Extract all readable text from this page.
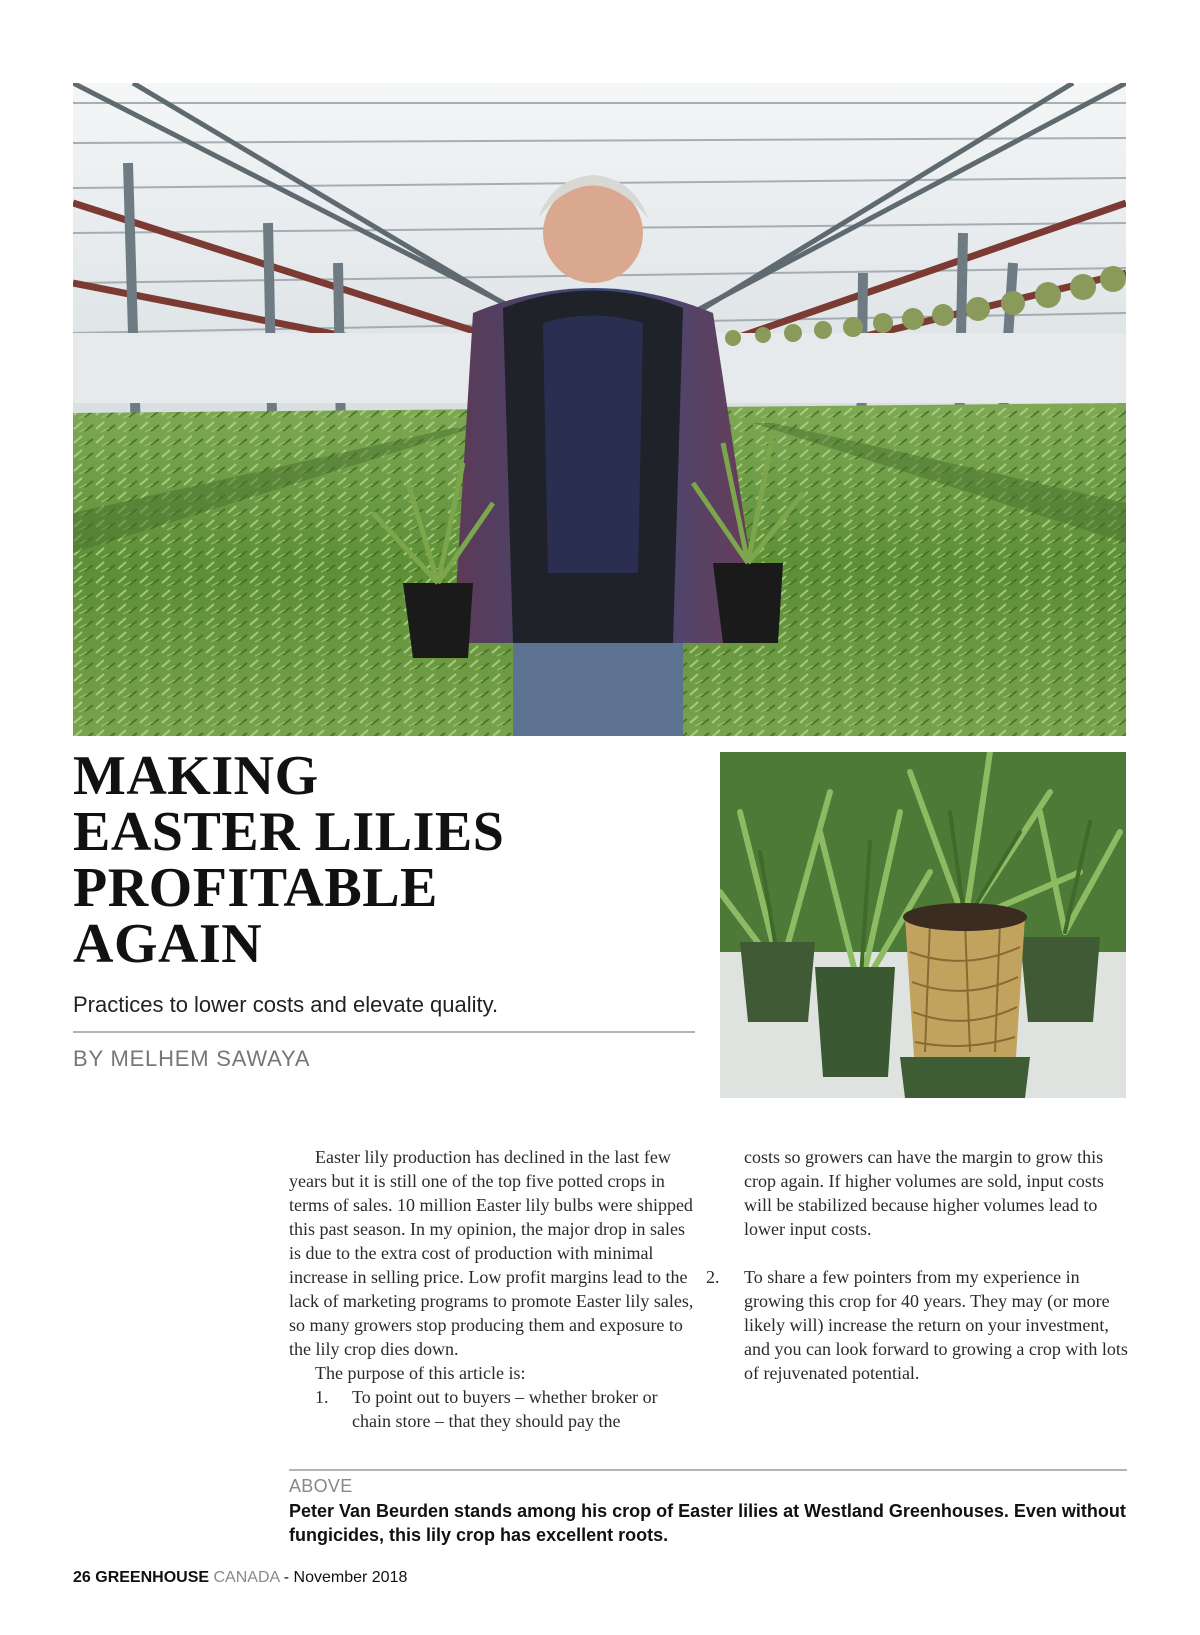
MAKING
EASTER LILIES
PROFITABLE
AGAIN
Practices to lower costs and elevate quality.
BY MELHEM SAWAYA

Easter lily production has declined in the last few years but it is still one of the top five potted crops in terms of sales. 10 million Easter lily bulbs were shipped this past season. In my opinion, the major drop in sales is due to the extra cost of production with minimal increase in selling price. Low profit margins lead to the lack of marketing programs to promote Easter lily sales, so many growers stop producing them and exposure to the lily crop dies down.

The purpose of this article is:

1. To point out to buyers – whether broker or chain store – that they should pay the

costs so growers can have the margin to grow this crop again. If higher volumes are sold, input costs will be stabilized because higher volumes lead to lower input costs.

2. To share a few pointers from my experience in growing this crop for 40 years. They may (or more likely will) increase the return on your investment, and you can look forward to growing a crop with lots of rejuvenated potential.

ABOVE
Peter Van Beurden stands among his crop of Easter lilies at Westland Greenhouses. Even without fungicides, this lily crop has excellent roots.
26 GREENHOUSE CANADA - November 2018
